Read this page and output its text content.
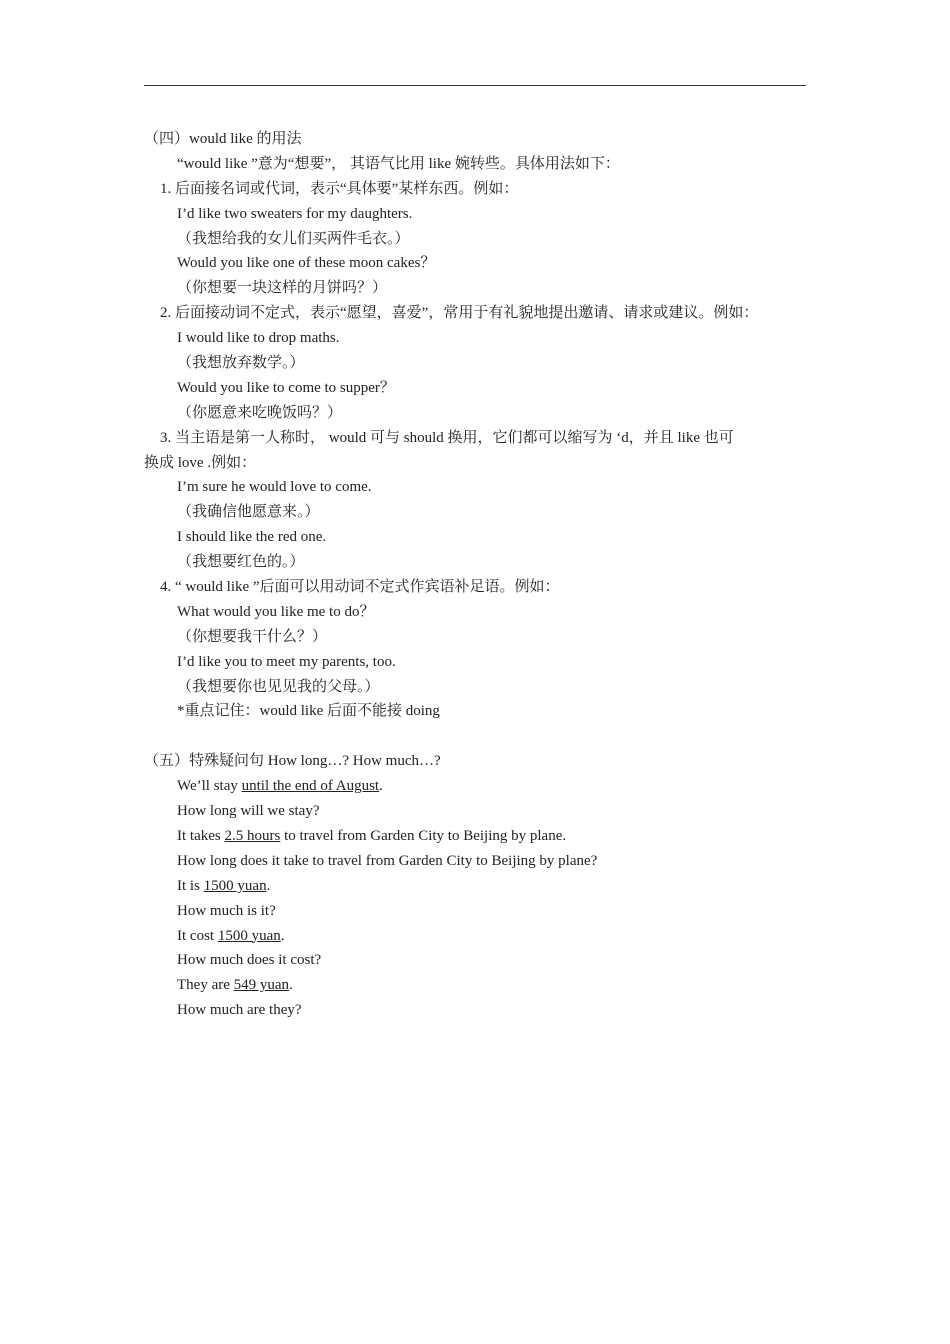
（四）would like 的用法
“would like ”意为“想要”， 其语气比用 like 婉转些。具体用法如下：
1. 后面接名词或代词，表示“具体要”某样东西。例如：
I’d like two sweaters for my daughters.
（我想给我的女儿们买两件毛衣。）
Would you like one of these moon cakes？
（你想要一块这样的月饼吗？）
2. 后面接动词不定式，表示“愿望，喜爱”，常用于有礼貌地提出邀请、请求或建议。例如：
I would like to drop maths.
（我想放弃数学。）
Would you like to come to supper？
（你愿意来吃晚饭吗？）
3. 当主语是第一人称时， would 可与 should 换用，它们都可以缩写为 ‘d，并且 like 也可
换成 love .例如：
I’m sure he would love to come.
（我确信他愿意来。）
I should like the red one.
（我想要红色的。）
4. “ would like ”后面可以用动词不定式作宾语补足语。例如：
What would you like me to do？
（你想要我干什么？）
I’d like you to meet my parents, too.
（我想要你也见见我的父母。）
*重点记住：would like 后面不能接 doing
（五）特殊疑问句 How long…? How much…?
We’ll stay until the end of August.
How long will we stay?
It takes 2.5 hours to travel from Garden City to Beijing by plane.
How long does it take to travel from Garden City to Beijing by plane?
It is 1500 yuan.
How much is it?
It cost 1500 yuan.
How much does it cost?
They are 549 yuan.
How much are they?
